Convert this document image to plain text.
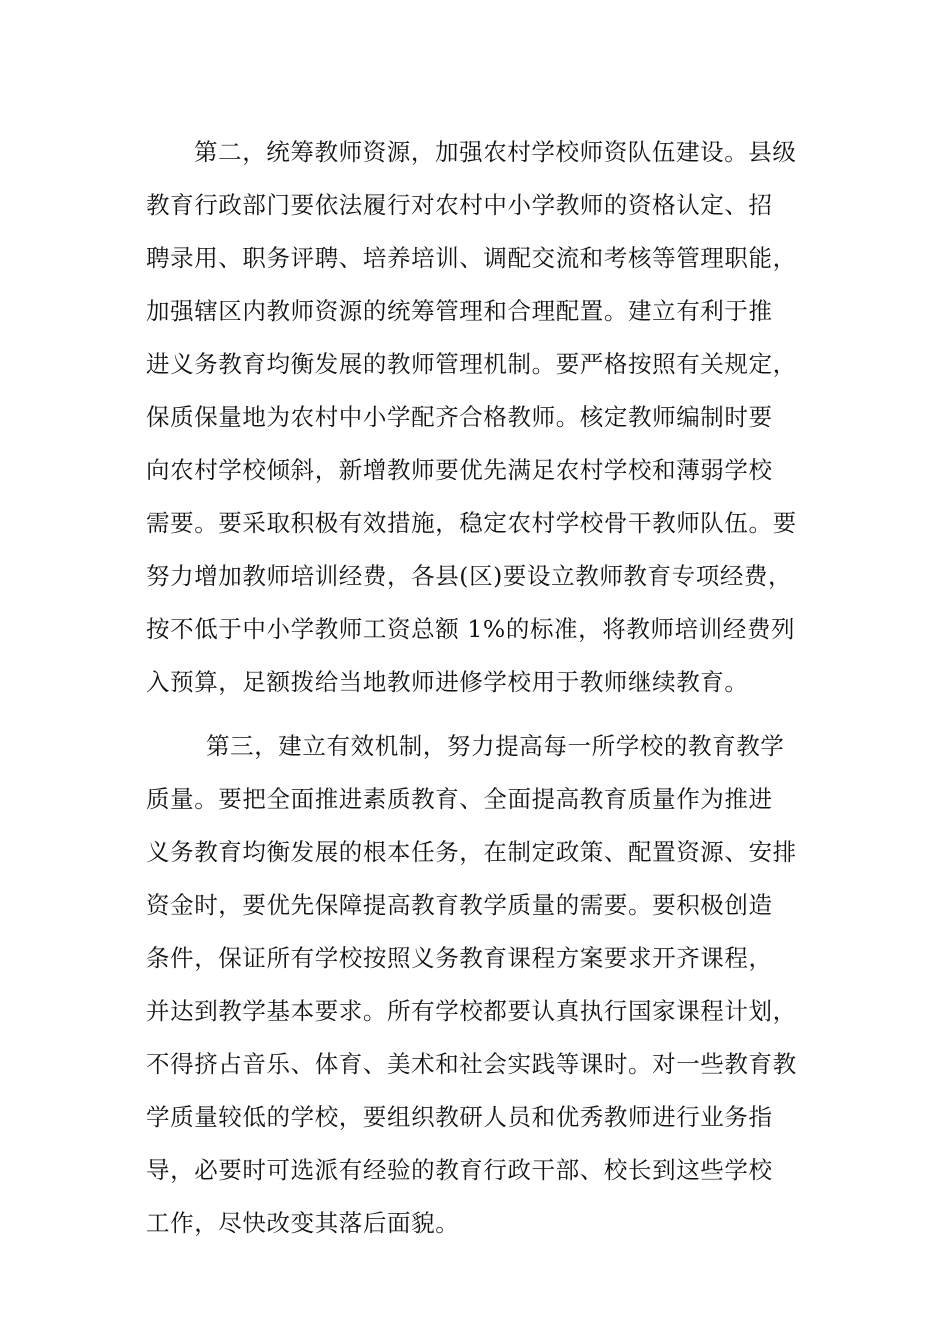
第二，统筹教师资源，加强农村学校师资队伍建设。县级
教育行政部门要依法履行对农村中小学教师的资格认定、招
聘录用、职务评聘、培养培训、调配交流和考核等管理职能，
加强辖区内教师资源的统筹管理和合理配置。建立有利于推
进义务教育均衡发展的教师管理机制。要严格按照有关规定，
保质保量地为农村中小学配齐合格教师。核定教师编制时要
向农村学校倾斜，新增教师要优先满足农村学校和薄弱学校
需要。要采取积极有效措施，稳定农村学校骨干教师队伍。要
努力增加教师培训经费，各县(区)要设立教师教育专项经费，
按不低于中小学教师工资总额 1%的标准，将教师培训经费列
入预算，足额拨给当地教师进修学校用于教师继续教育。
第三，建立有效机制，努力提高每一所学校的教育教学
质量。要把全面推进素质教育、全面提高教育质量作为推进
义务教育均衡发展的根本任务，在制定政策、配置资源、安排
资金时，要优先保障提高教育教学质量的需要。要积极创造
条件，保证所有学校按照义务教育课程方案要求开齐课程，
并达到教学基本要求。所有学校都要认真执行国家课程计划，
不得挤占音乐、体育、美术和社会实践等课时。对一些教育教
学质量较低的学校，要组织教研人员和优秀教师进行业务指
导，必要时可选派有经验的教育行政干部、校长到这些学校
工作，尽快改变其落后面貌。
